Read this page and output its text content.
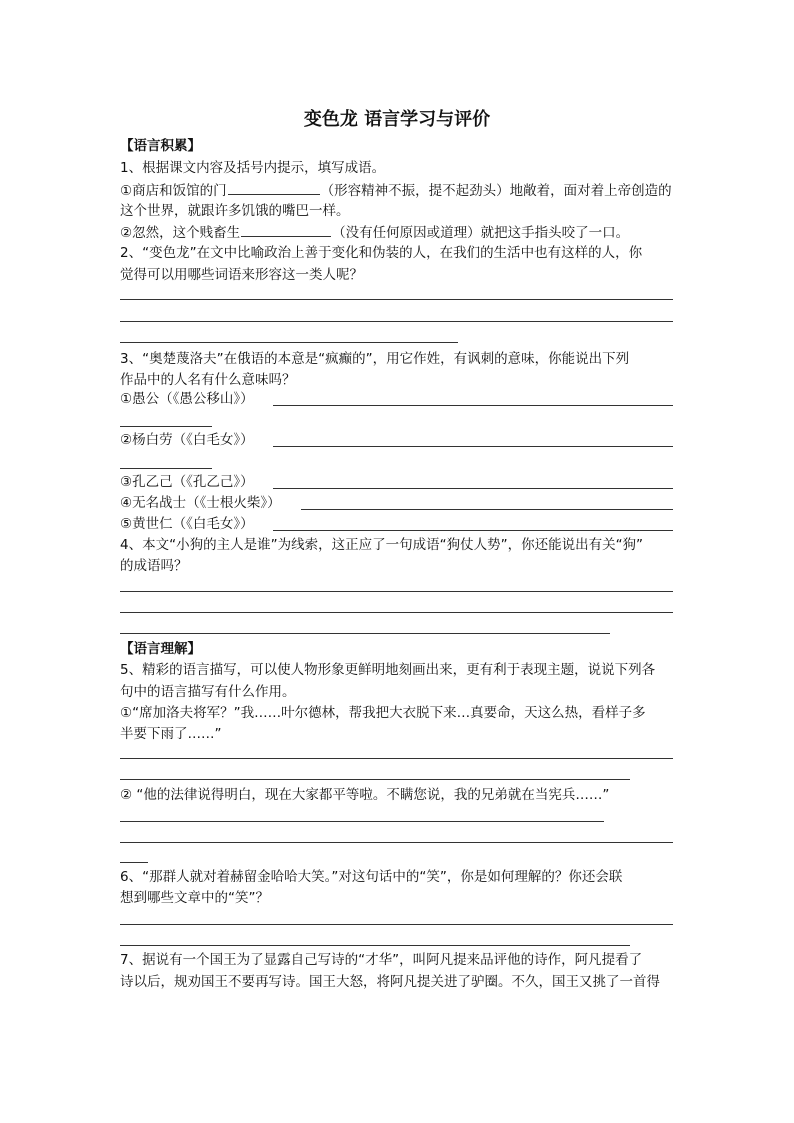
变色龙 语言学习与评价
【语言积累】
1、根据课文内容及括号内提示，填写成语。
①商店和饭馆的门	（形容精神不振，提不起劲头）地敞着，面对着上帝创造的
这个世界，就跟许多饥饿的嘴巴一样。
②忽然，这个贱畜生	（没有任何原因或道理）就把这手指头咬了一口。
2、“变色龙”在文中比喻政治上善于变化和伪装的人，在我们的生活中也有这样的人，你
觉得可以用哪些词语来形容这一类人呢？
3、“奥楚蔑洛夫”在俄语的本意是“疯癫的”，用它作姓，有讽刺的意味，你能说出下列
作品中的人名有什么意味吗？
①愚公（《愚公移山》）
②杨白劳（《白毛女》）
③孔乙己（《孔乙己》）
④无名战士（《士根火柴》）
⑤黄世仁（《白毛女》）
4、本文“小狗的主人是谁”为线索，这正应了一句成语“狗仗人势”，你还能说出有关“狗”
的成语吗？
【语言理解】
5、精彩的语言描写，可以使人物形象更鲜明地刻画出来，更有利于表现主题，说说下列各
句中的语言描写有什么作用。
①“席加洛夫将军？”我……叶尔德林，帮我把大衣脱下来…真要命，天这么热，看样子多
半要下雨了……”
② “他的法律说得明白，现在大家都平等啦。不瞒您说，我的兄弟就在当宪兵……”
6、“那群人就对着赫留金哈哈大笑。”对这句话中的“笑”，你是如何理解的？你还会联
想到哪些文章中的“笑”？
7、据说有一个国王为了显露自己写诗的“才华”，叫阿凡提来品评他的诗作，阿凡提看了
诗以后，规劝国王不要再写诗。国王大怒，将阿凡提关进了驴圈。不久，国王又挑了一首得
